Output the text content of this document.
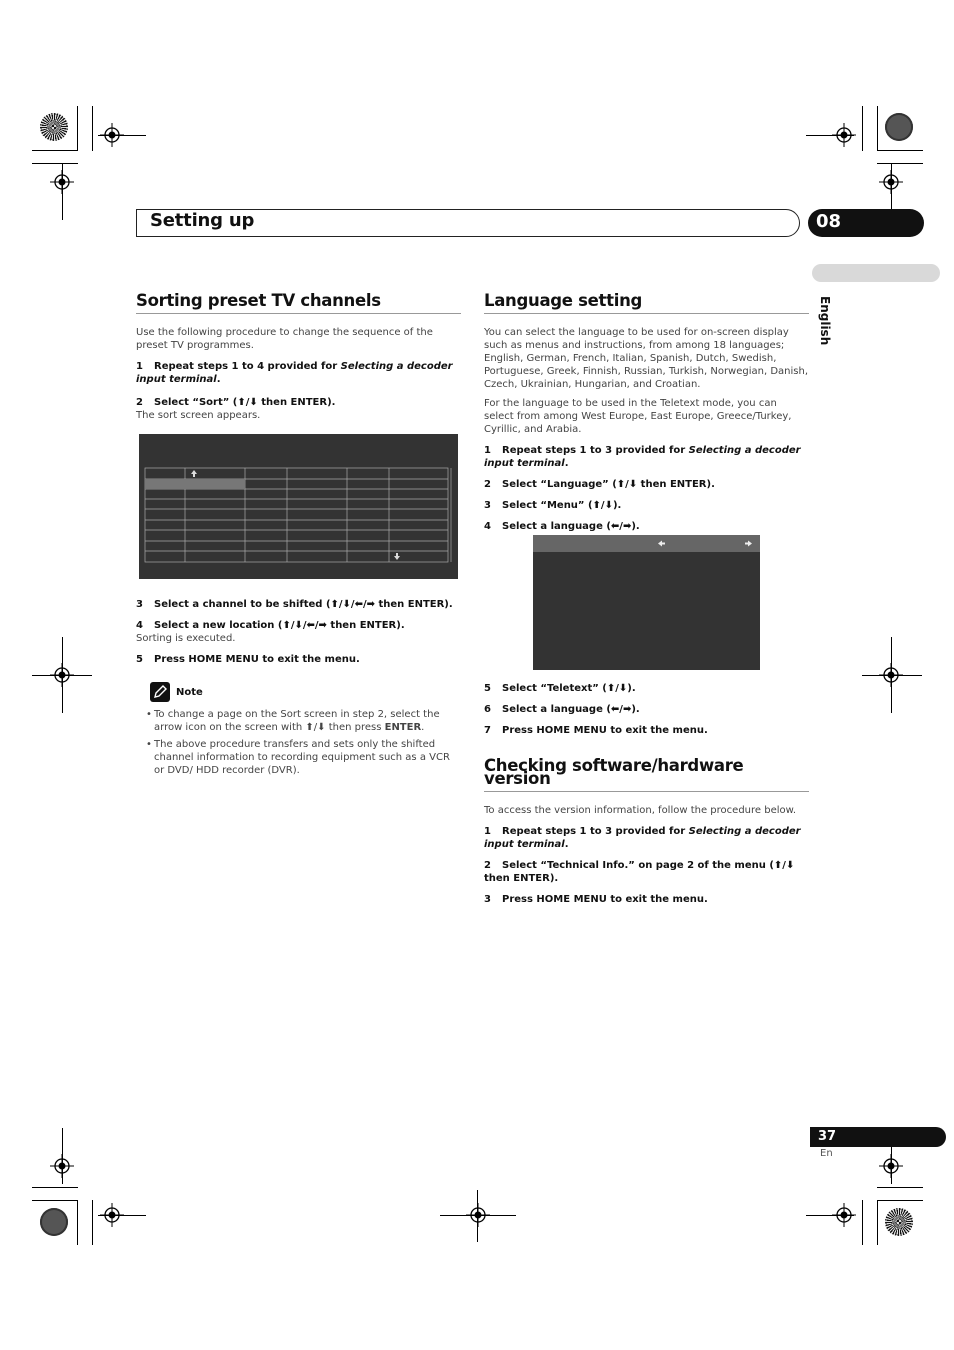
Setting up	08
English
Sorting preset TV channels
Use the following procedure to change the sequence of the preset TV programmes.
1 Repeat steps 1 to 4 provided for Selecting a decoder input terminal.
2 Select “Sort” (⬆/⬇ then ENTER).
The sort screen appears.
3 Select a channel to be shifted (⬆/⬇/⬅/➡ then ENTER).
4 Select a new location (⬆/⬇/⬅/➡ then ENTER).
Sorting is executed.
5 Press HOME MENU to exit the menu.
Note
• To change a page on the Sort screen in step 2, select the arrow icon on the screen with ⬆/⬇ then press ENTER.
• The above procedure transfers and sets only the shifted channel information to recording equipment such as a VCR or DVD/ HDD recorder (DVR).
Language setting
You can select the language to be used for on-screen display such as menus and instructions, from among 18 languages; English, German, French, Italian, Spanish, Dutch, Swedish, Portuguese, Greek, Finnish, Russian, Turkish, Norwegian, Danish, Czech, Ukrainian, Hungarian, and Croatian.
For the language to be used in the Teletext mode, you can select from among West Europe, East Europe, Greece/Turkey, Cyrillic, and Arabia.
1 Repeat steps 1 to 3 provided for Selecting a decoder input terminal.
2 Select “Language” (⬆/⬇ then ENTER).
3 Select “Menu” (⬆/⬇).
4 Select a language (⬅/➡).
5 Select “Teletext” (⬆/⬇).
6 Select a language (⬅/➡).
7 Press HOME MENU to exit the menu.
Checking software/hardware version
To access the version information, follow the procedure below.
1 Repeat steps 1 to 3 provided for Selecting a decoder input terminal.
2 Select “Technical Info.” on page 2 of the menu (⬆/⬇ then ENTER).
3 Press HOME MENU to exit the menu.
37
En
